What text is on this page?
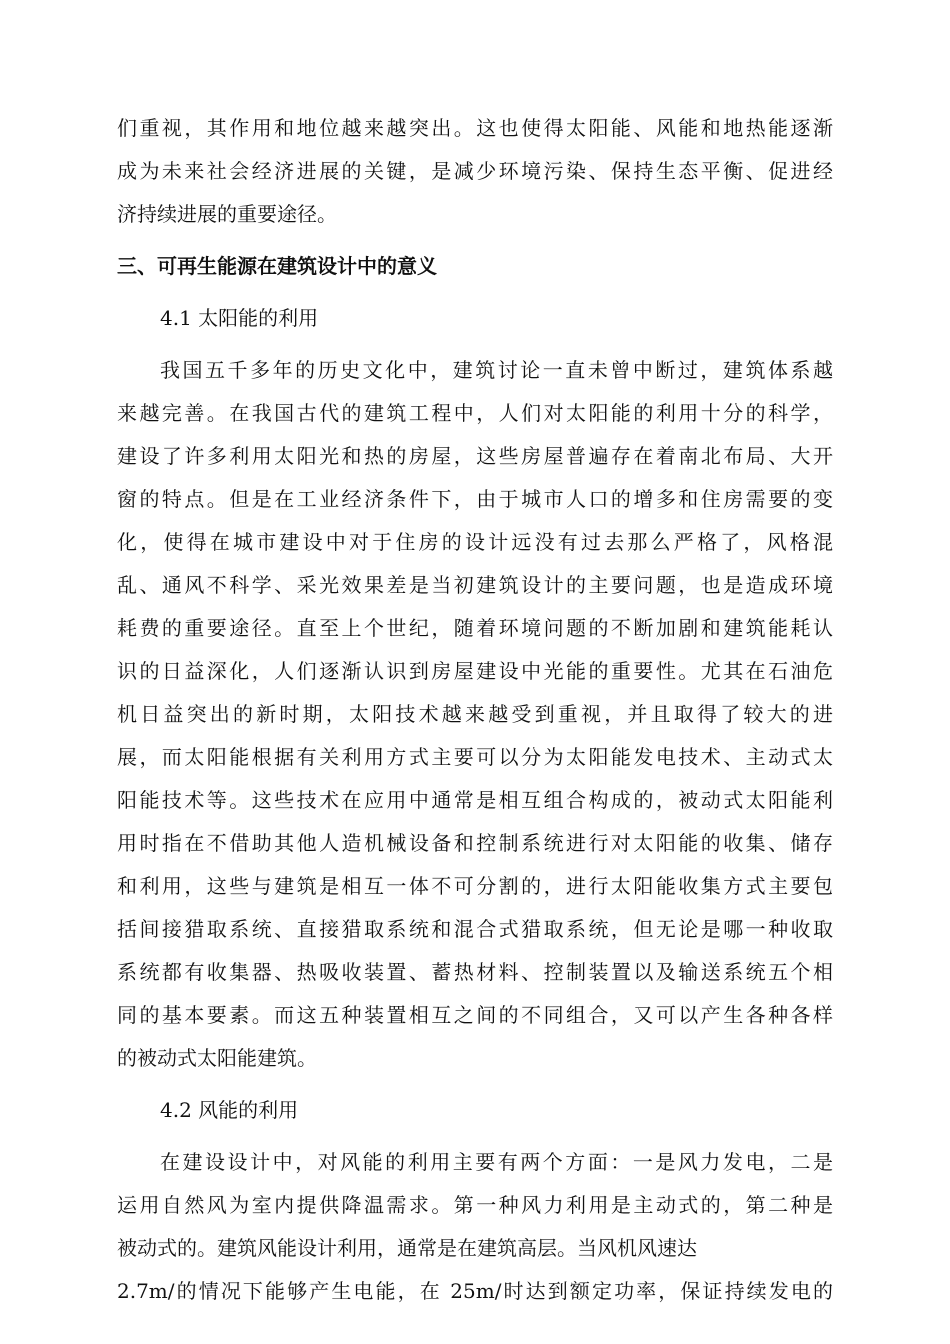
们重视，其作用和地位越来越突出。这也使得太阳能、风能和地热能逐渐
成为未来社会经济进展的关键，是减少环境污染、保持生态平衡、促进经
济持续进展的重要途径。
三、可再生能源在建筑设计中的意义
4.1 太阳能的利用
我国五千多年的历史文化中，建筑讨论一直未曾中断过，建筑体系越
来越完善。在我国古代的建筑工程中，人们对太阳能的利用十分的科学，
建设了许多利用太阳光和热的房屋，这些房屋普遍存在着南北布局、大开
窗的特点。但是在工业经济条件下，由于城市人口的增多和住房需要的变
化，使得在城市建设中对于住房的设计远没有过去那么严格了，风格混
乱、通风不科学、采光效果差是当初建筑设计的主要问题，也是造成环境
耗费的重要途径。直至上个世纪，随着环境问题的不断加剧和建筑能耗认
识的日益深化，人们逐渐认识到房屋建设中光能的重要性。尤其在石油危
机日益突出的新时期，太阳技术越来越受到重视，并且取得了较大的进
展，而太阳能根据有关利用方式主要可以分为太阳能发电技术、主动式太
阳能技术等。这些技术在应用中通常是相互组合构成的，被动式太阳能利
用时指在不借助其他人造机械设备和控制系统进行对太阳能的收集、储存
和利用，这些与建筑是相互一体不可分割的，进行太阳能收集方式主要包
括间接猎取系统、直接猎取系统和混合式猎取系统，但无论是哪一种收取
系统都有收集器、热吸收装置、蓄热材料、控制装置以及输送系统五个相
同的基本要素。而这五种装置相互之间的不同组合，又可以产生各种各样
的被动式太阳能建筑。
4.2 风能的利用
在建设设计中，对风能的利用主要有两个方面：一是风力发电，二是
运用自然风为室内提供降温需求。第一种风力利用是主动式的，第二种是
被动式的。建筑风能设计利用，通常是在建筑高层。当风机风速达
2.7m/的情况下能够产生电能，在 25m/时达到额定功率，保证持续发电的
